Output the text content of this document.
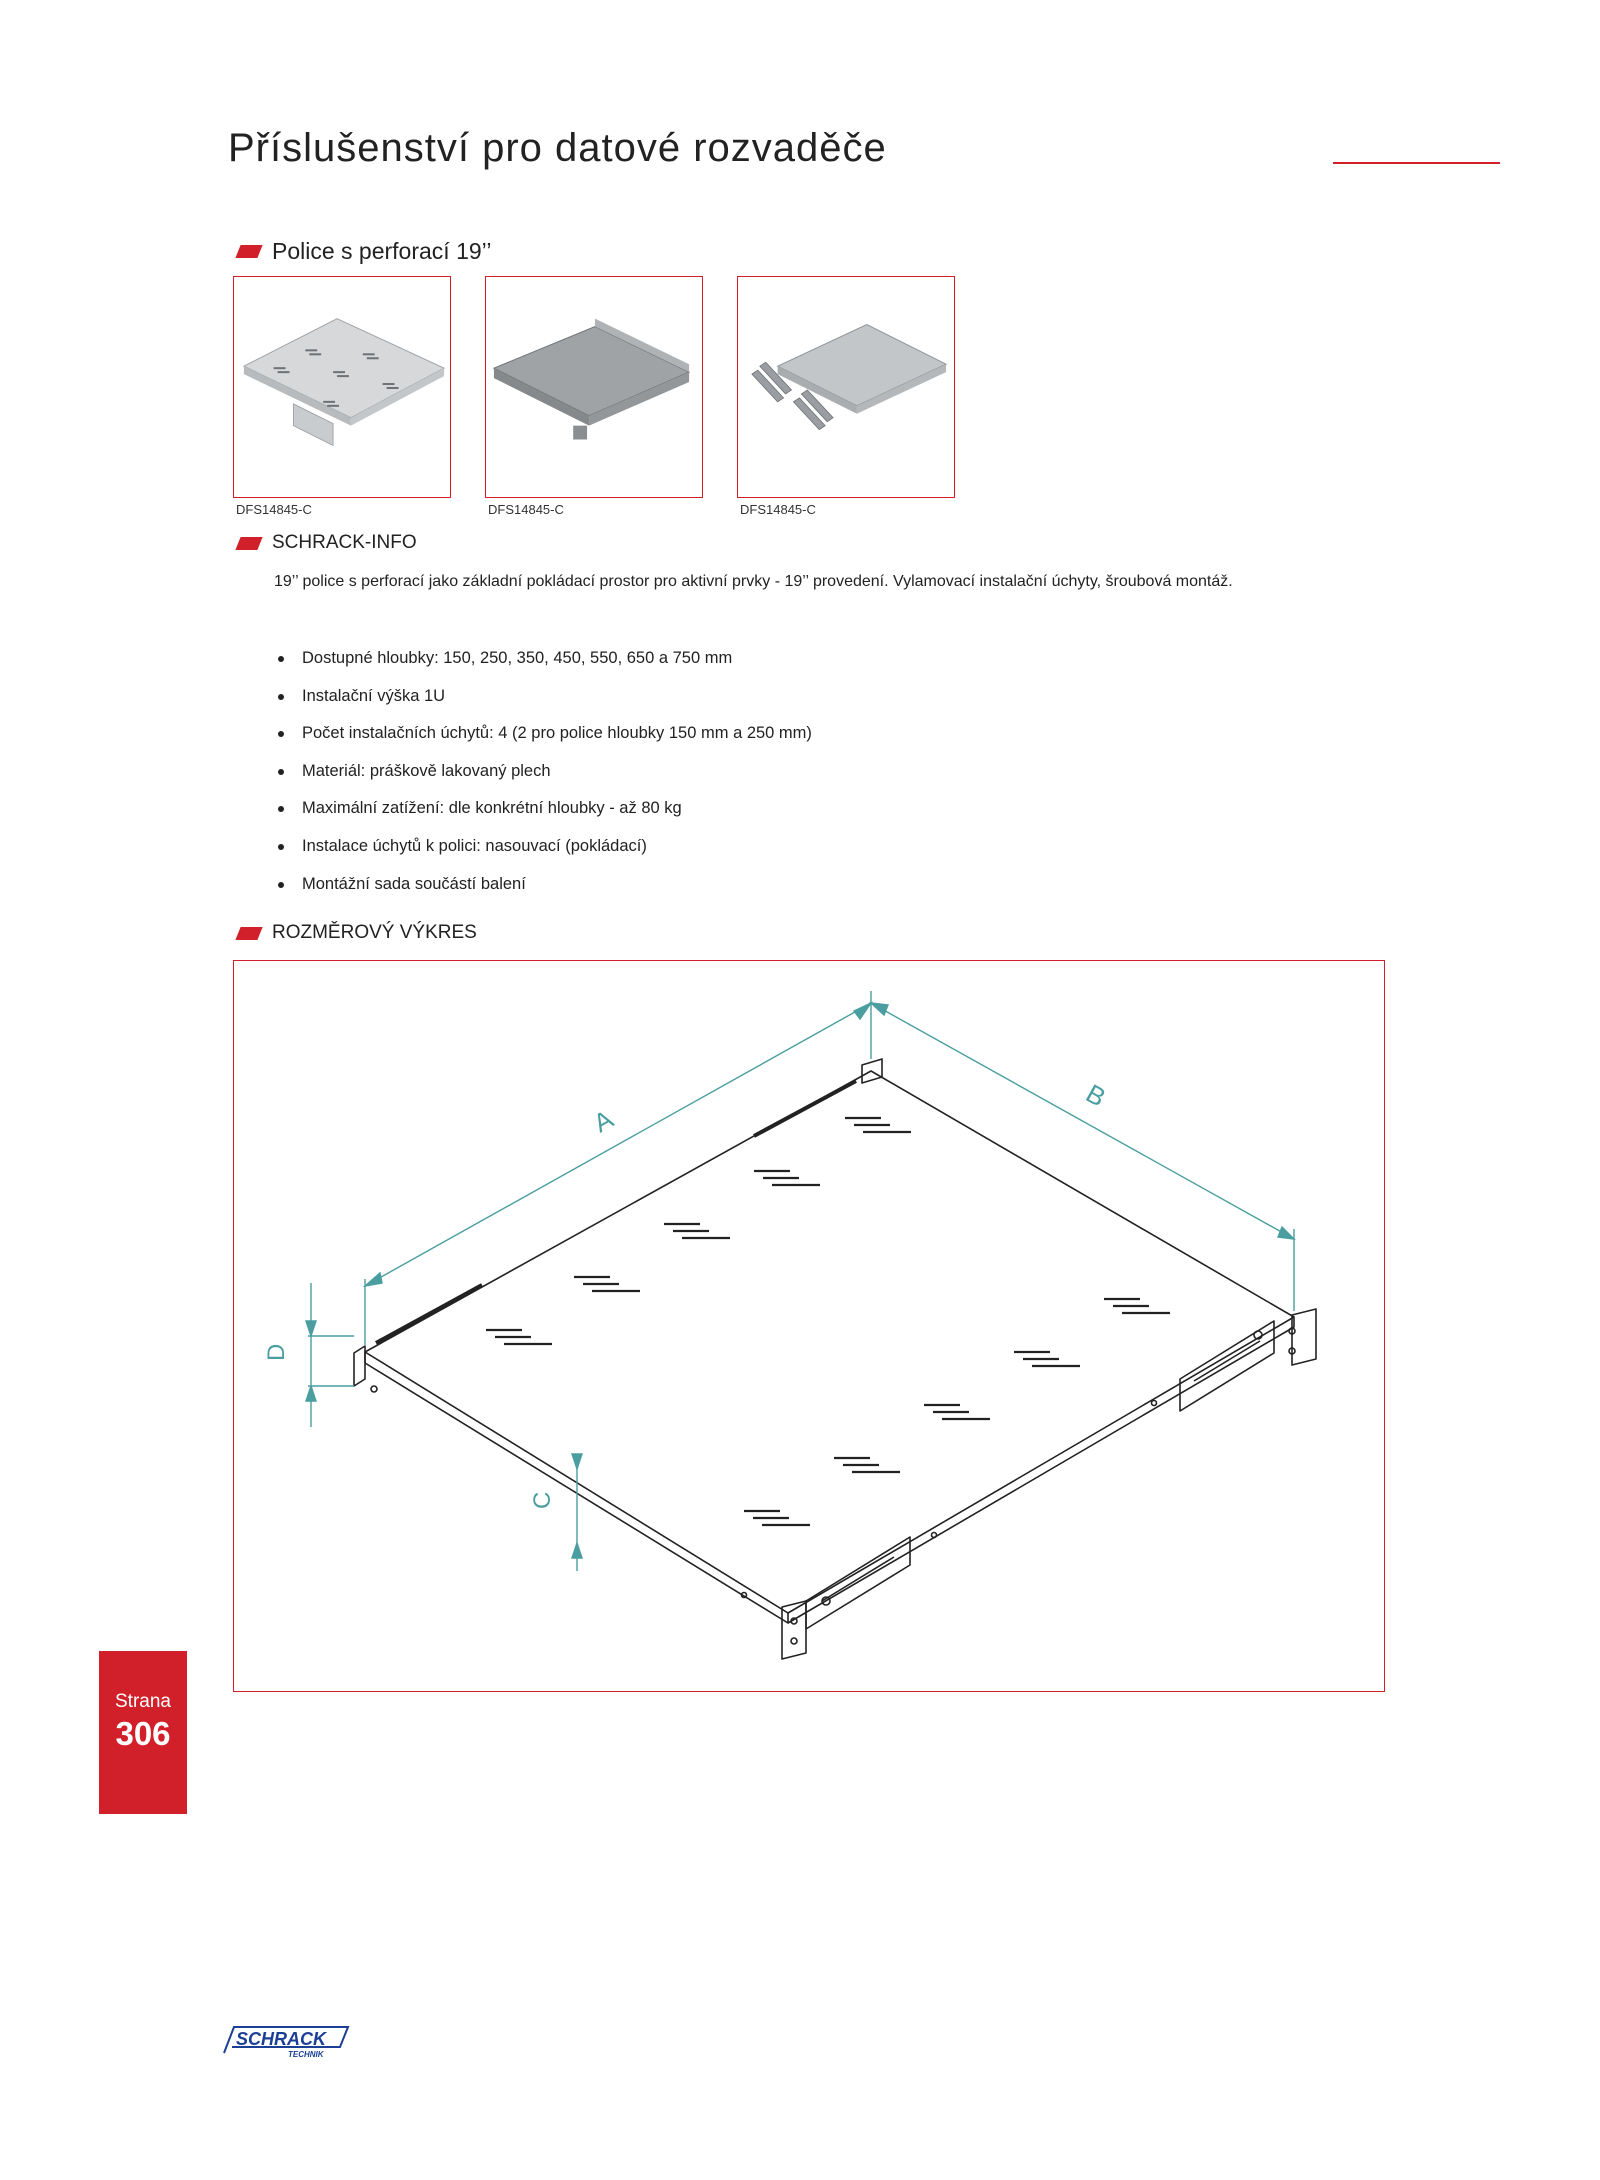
Příslušenství pro datové rozvaděče
Police s perforací 19’’
DFS14845-C	DFS14845-C	DFS14845-C
SCHRACK-INFO
19’’ police s perforací jako základní pokládací prostor pro aktivní prvky - 19’’ provedení. Vylamovací instalační úchyty, šroubová montáž.
Dostupné hloubky: 150, 250, 350, 450, 550, 650 a 750 mm
Instalační výška 1U
Počet instalačních úchytů: 4 (2 pro police hloubky 150 mm a 250 mm)
Materiál: práškově lakovaný plech
Maximální zatížení: dle konkrétní hloubky - až 80 kg
Instalace úchytů k polici: nasouvací (pokládací)
Montážní sada součástí balení
ROZMĚROVÝ VÝKRES
A
B
D
C
Strana
306
SCHRACK
TECHNIK
